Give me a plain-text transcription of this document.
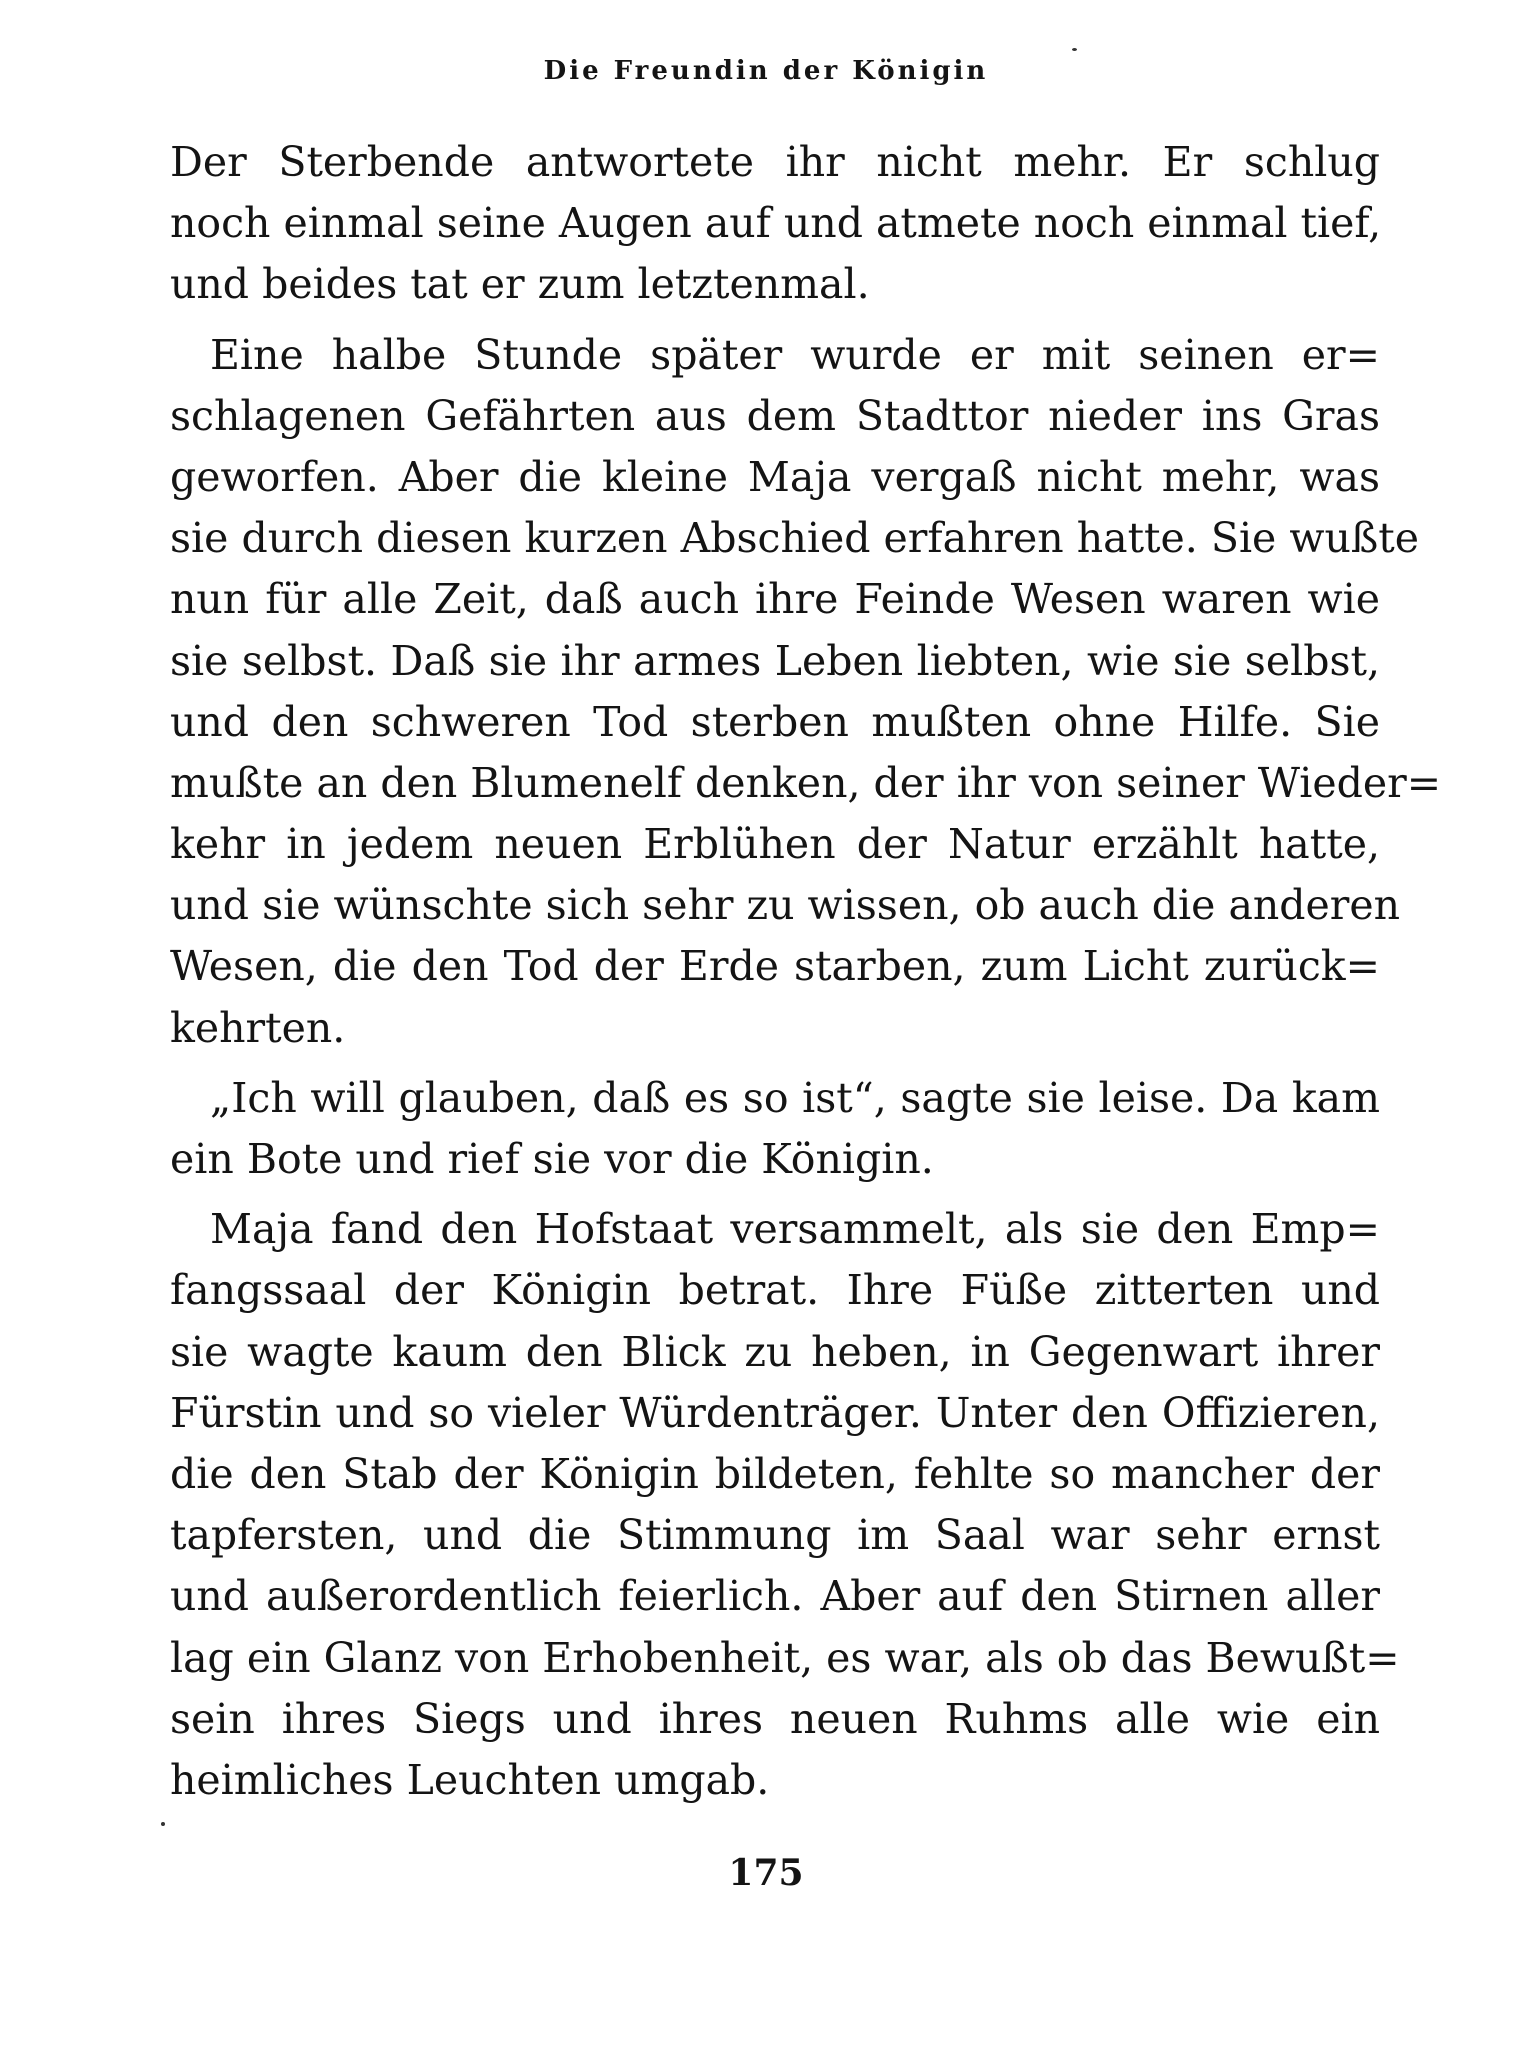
Die Freundin der Königin
Der Sterbende antwortete ihr nicht mehr. Er schlug
noch einmal seine Augen auf und atmete noch einmal tief,
und beides tat er zum letztenmal.
Eine halbe Stunde später wurde er mit seinen er=
schlagenen Gefährten aus dem Stadttor nieder ins Gras
geworfen. Aber die kleine Maja vergaß nicht mehr, was
sie durch diesen kurzen Abschied erfahren hatte. Sie wußte
nun für alle Zeit, daß auch ihre Feinde Wesen waren wie
sie selbst. Daß sie ihr armes Leben liebten, wie sie selbst,
und den schweren Tod sterben mußten ohne Hilfe. Sie
mußte an den Blumenelf denken, der ihr von seiner Wieder=
kehr in jedem neuen Erblühen der Natur erzählt hatte,
und sie wünschte sich sehr zu wissen, ob auch die anderen
Wesen, die den Tod der Erde starben, zum Licht zurück=
kehrten.
„Ich will glauben, daß es so ist“, sagte sie leise. Da kam
ein Bote und rief sie vor die Königin.
Maja fand den Hofstaat versammelt, als sie den Emp=
fangssaal der Königin betrat. Ihre Füße zitterten und
sie wagte kaum den Blick zu heben, in Gegenwart ihrer
Fürstin und so vieler Würdenträger. Unter den Offizieren,
die den Stab der Königin bildeten, fehlte so mancher der
tapfersten, und die Stimmung im Saal war sehr ernst
und außerordentlich feierlich. Aber auf den Stirnen aller
lag ein Glanz von Erhobenheit, es war, als ob das Bewußt=
sein ihres Siegs und ihres neuen Ruhms alle wie ein
heimliches Leuchten umgab.
175
